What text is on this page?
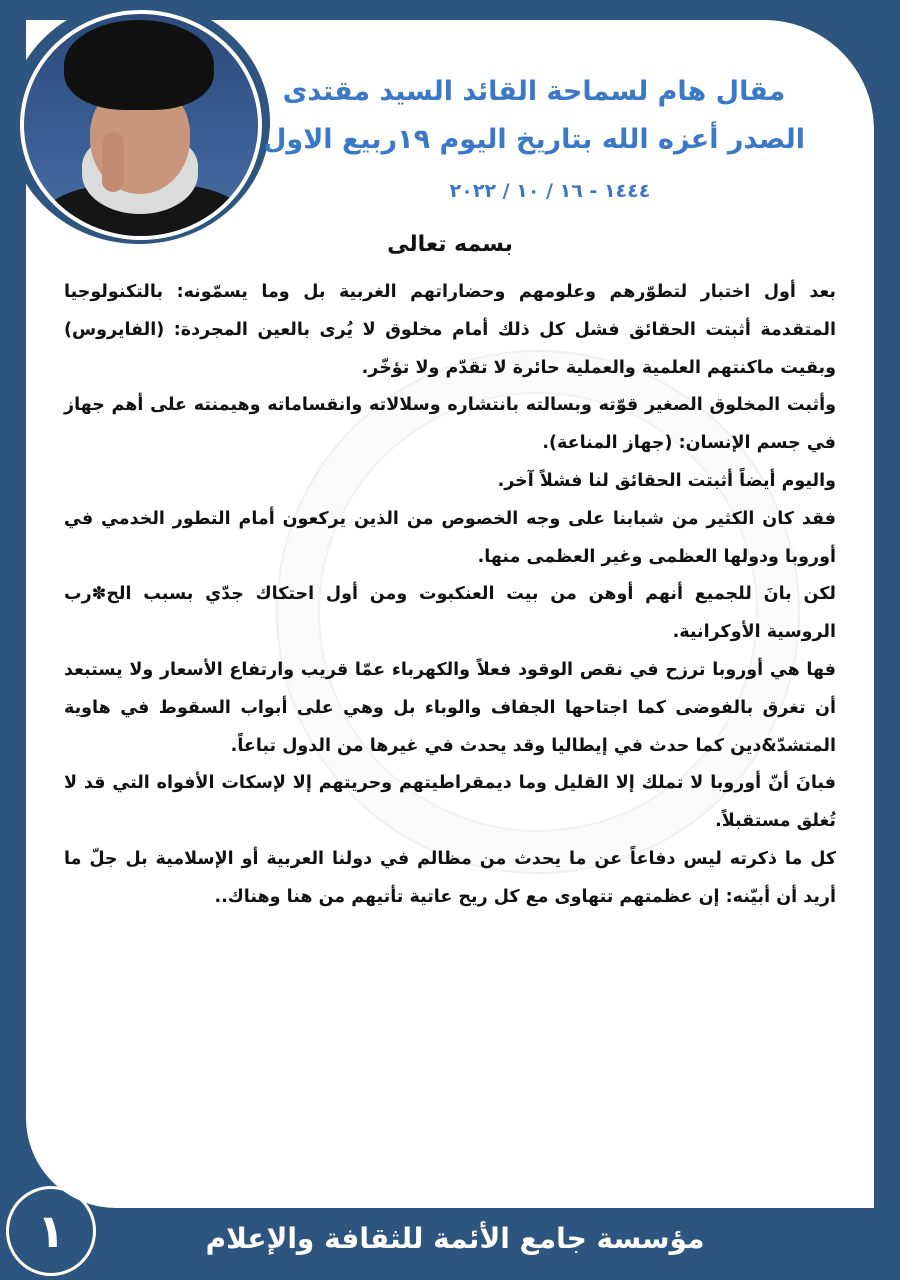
مقال هام لسماحة القائد السيد مقتدى
الصدر أعزه الله بتاريخ اليوم ١٩ربيع الاول
١٤٤٤ - ١٦ / ١٠ / ٢٠٢٢
بسمه تعالى

بعد أول اختبار لتطوّرهم وعلومهم وحضاراتهم الغربية بل وما يسمّونه: بالتكنولوجيا المتقدمة أثبتت الحقائق فشل كل ذلك أمام مخلوق لا يُرى بالعين المجردة: (الفايروس) وبقيت ماكنتهم العلمية والعملية حائرة لا تقدّم ولا تؤخّر.

وأثبت المخلوق الصغير قوّته وبسالته بانتشاره وسلالاته وانقساماته وهيمنته على أهم جهاز في جسم الإنسان: (جهاز المناعة).

واليوم أيضاً أثبتت الحقائق لنا فشلاً آخر.

فقد كان الكثير من شبابنا على وجه الخصوص من الذين يركعون أمام التطور الخدمي في أوروبا ودولها العظمى وغير العظمى منها.

لكن بانَ للجميع أنهم أوهن من بيت العنكبوت ومن أول احتكاك جدّي بسبب الح✽رب الروسية الأوكرانية.

فها هي أوروبا ترزح في نقص الوقود فعلاً والكهرباء عمّا قريب وارتفاع الأسعار ولا يستبعد أن تغرق بالفوضى كما اجتاحها الجفاف والوباء بل وهي على أبواب السقوط في هاوية المتشدّ&دين كما حدث في إيطاليا وقد يحدث في غيرها من الدول تباعاً.

فبانَ أنّ أوروبا لا تملك إلا القليل وما ديمقراطيتهم وحريتهم إلا لإسكات الأفواه التي قد لا تُغلق مستقبلاً.

كل ما ذكرته ليس دفاعاً عن ما يحدث من مظالم في دولنا العربية أو الإسلامية بل جلّ ما أريد أن أبيّنه: إن عظمتهم تتهاوى مع كل ريح عاتية تأتيهم من هنا وهناك..

١	مؤسسة جامع الأئمة للثقافة والإعلام
